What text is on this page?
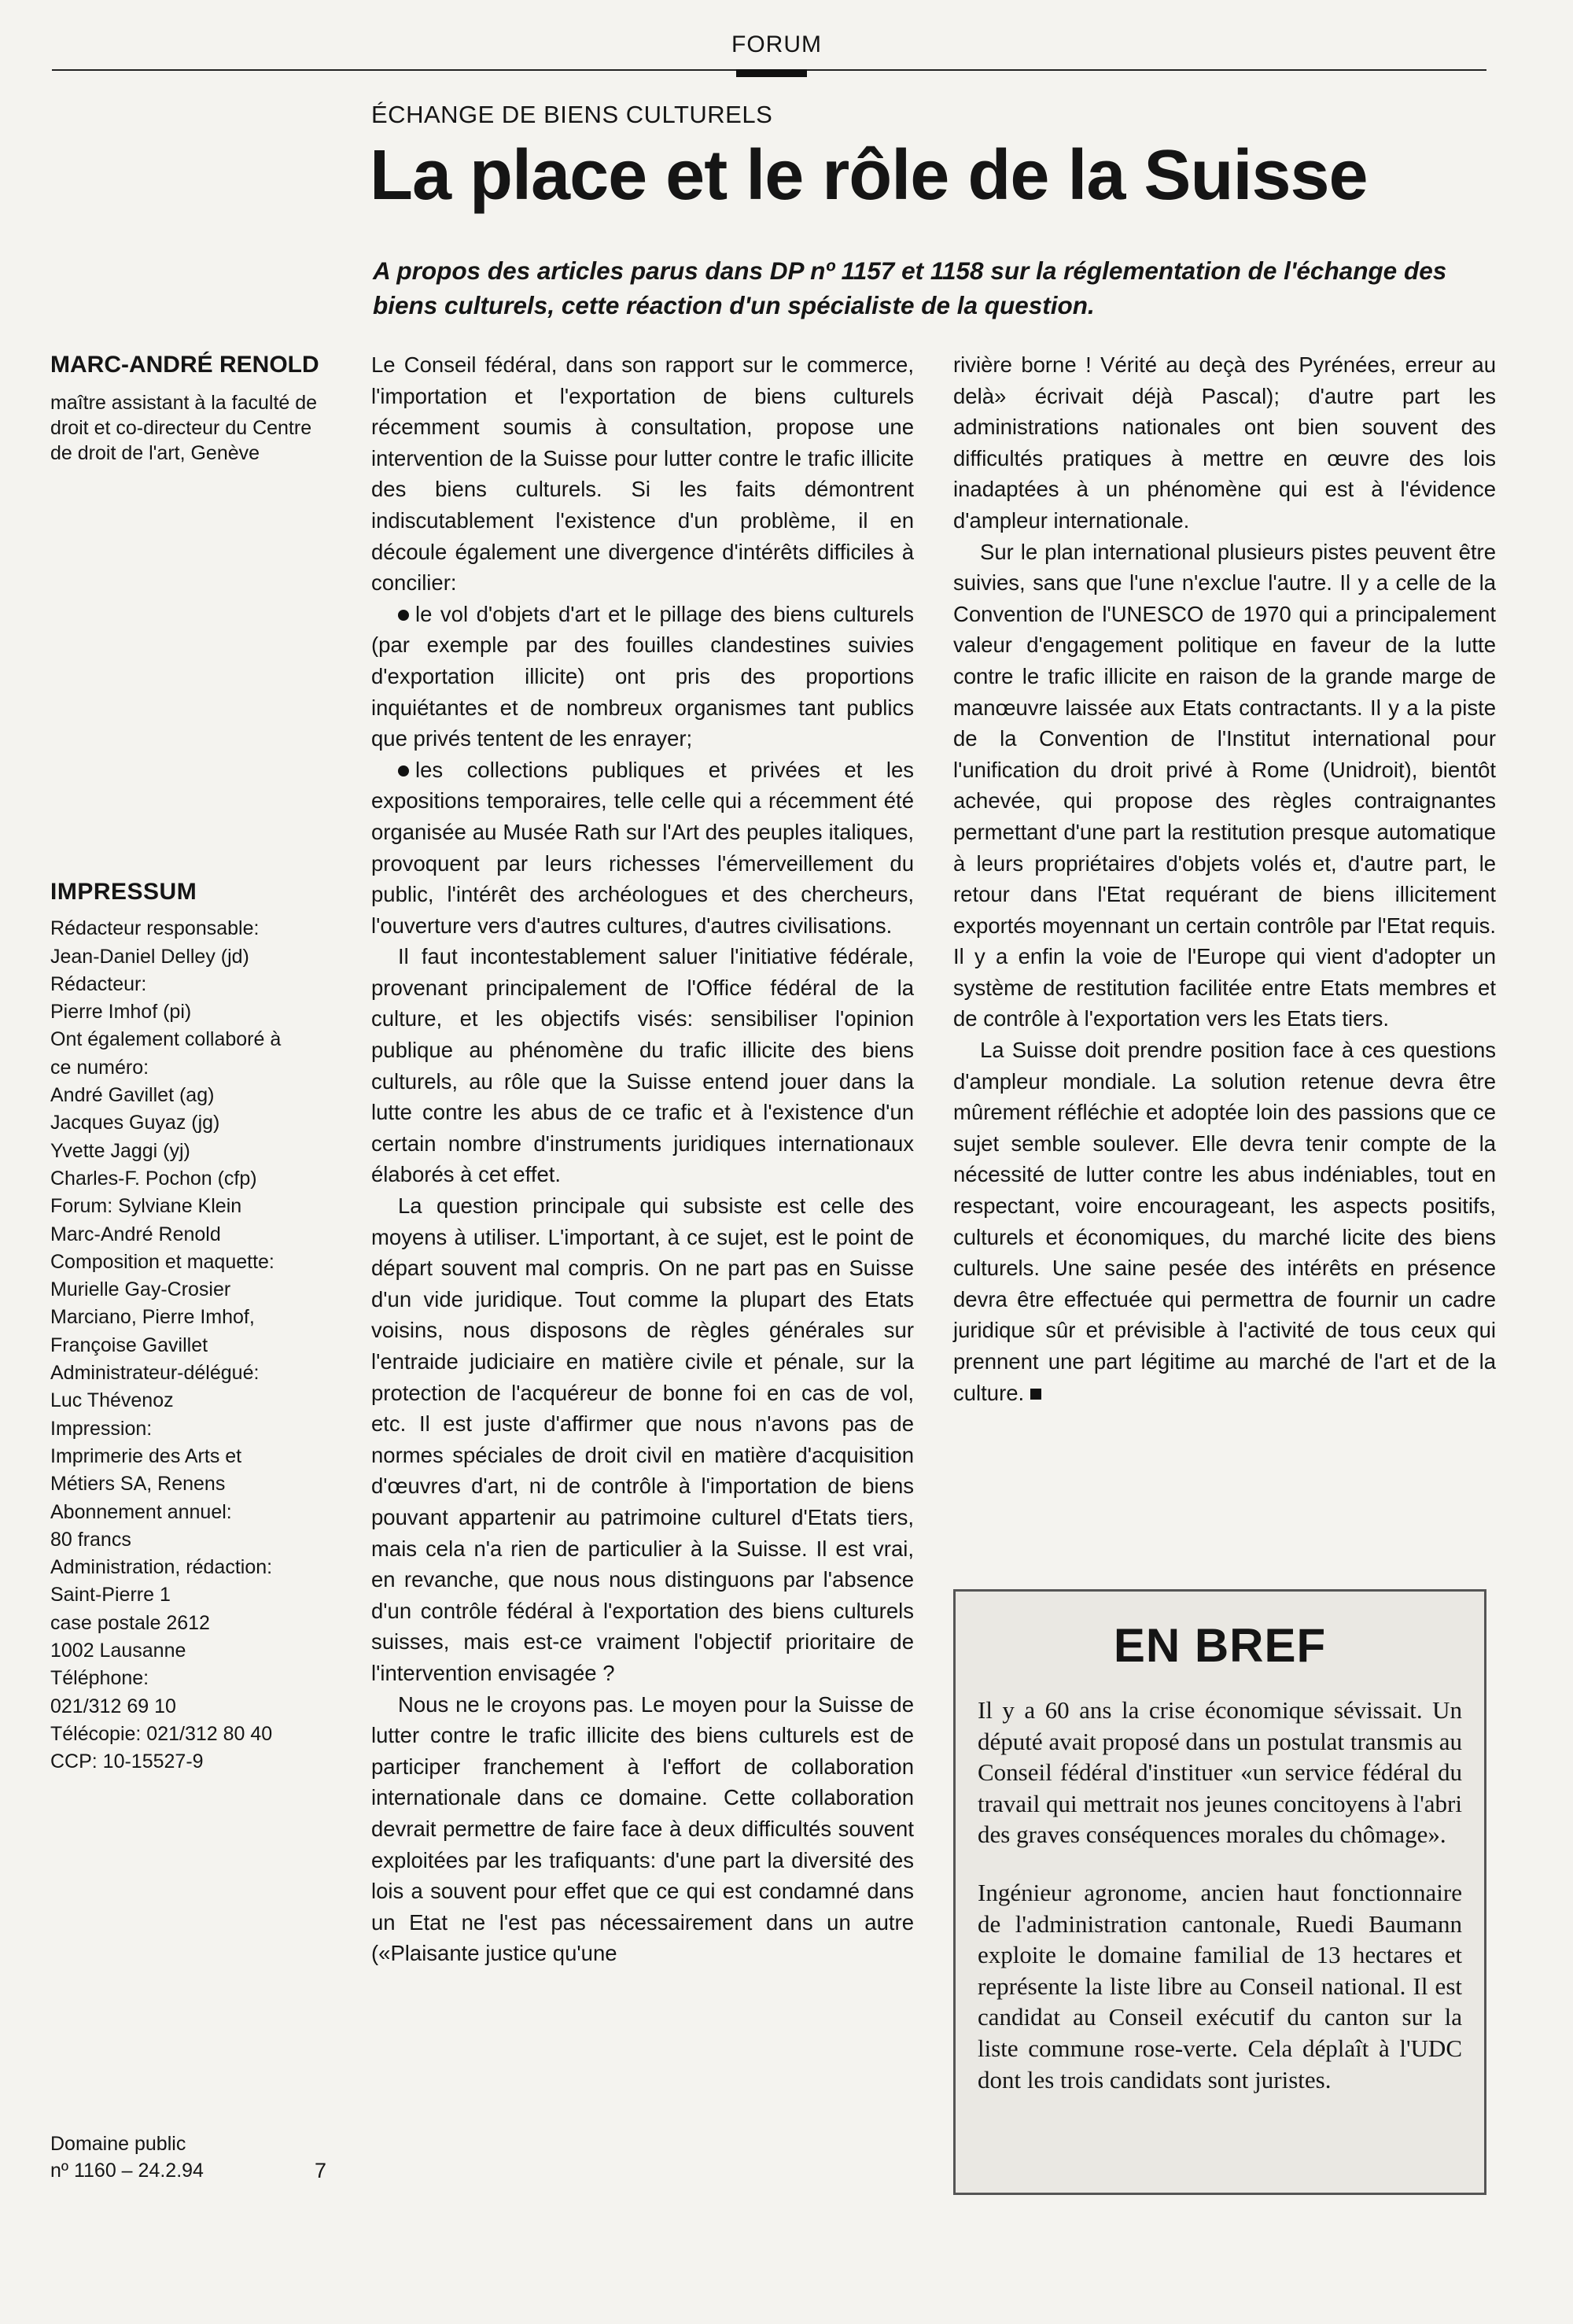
FORUM
ÉCHANGE DE BIENS CULTURELS
La place et le rôle de la Suisse
A propos des articles parus dans DP nº 1157 et 1158 sur la réglementation de l'échange des biens culturels, cette réaction d'un spécialiste de la question.
MARC-ANDRÉ RENOLD
maître assistant à la faculté de droit et co-directeur du Centre de droit de l'art, Genève
IMPRESSUM
Rédacteur responsable:
Jean-Daniel Delley (jd)
Rédacteur:
Pierre Imhof (pi)
Ont également collaboré à
ce numéro:
André Gavillet (ag)
Jacques Guyaz (jg)
Yvette Jaggi (yj)
Charles-F. Pochon (cfp)
Forum: Sylviane Klein
Marc-André Renold
Composition et maquette:
Murielle Gay-Crosier
Marciano, Pierre Imhof,
Françoise Gavillet
Administrateur-délégué:
Luc Thévenoz
Impression:
Imprimerie des Arts et
Métiers SA, Renens
Abonnement annuel:
80 francs
Administration, rédaction:
Saint-Pierre 1
case postale 2612
1002 Lausanne
Téléphone:
021/312 69 10
Télécopie: 021/312 80 40
CCP: 10-15527-9
Domaine public
nº 1160 – 24.2.94	7

Le Conseil fédéral, dans son rapport sur le commerce, l'importation et l'exportation de biens culturels récemment soumis à consultation, propose une intervention de la Suisse pour lutter contre le trafic illicite des biens culturels. Si les faits démontrent indiscutablement l'existence d'un problème, il en découle également une divergence d'intérêts difficiles à concilier:

le vol d'objets d'art et le pillage des biens culturels (par exemple par des fouilles clandestines suivies d'exportation illicite) ont pris des proportions inquiétantes et de nombreux organismes tant publics que privés tentent de les enrayer;

les collections publiques et privées et les expositions temporaires, telle celle qui a récemment été organisée au Musée Rath sur l'Art des peuples italiques, provoquent par leurs richesses l'émerveillement du public, l'intérêt des archéologues et des chercheurs, l'ouverture vers d'autres cultures, d'autres civilisations.

Il faut incontestablement saluer l'initiative fédérale, provenant principalement de l'Office fédéral de la culture, et les objectifs visés: sensibiliser l'opinion publique au phénomène du trafic illicite des biens culturels, au rôle que la Suisse entend jouer dans la lutte contre les abus de ce trafic et à l'existence d'un certain nombre d'instruments juridiques internationaux élaborés à cet effet.

La question principale qui subsiste est celle des moyens à utiliser. L'important, à ce sujet, est le point de départ souvent mal compris. On ne part pas en Suisse d'un vide juridique. Tout comme la plupart des Etats voisins, nous disposons de règles générales sur l'entraide judiciaire en matière civile et pénale, sur la protection de l'acquéreur de bonne foi en cas de vol, etc. Il est juste d'affirmer que nous n'avons pas de normes spéciales de droit civil en matière d'acquisition d'œuvres d'art, ni de contrôle à l'importation de biens pouvant appartenir au patrimoine culturel d'Etats tiers, mais cela n'a rien de particulier à la Suisse. Il est vrai, en revanche, que nous nous distinguons par l'absence d'un contrôle fédéral à l'exportation des biens culturels suisses, mais est-ce vraiment l'objectif prioritaire de l'intervention envisagée ?

Nous ne le croyons pas. Le moyen pour la Suisse de lutter contre le trafic illicite des biens culturels est de participer franchement à l'effort de collaboration internationale dans ce domaine. Cette collaboration devrait permettre de faire face à deux difficultés souvent exploitées par les trafiquants: d'une part la diversité des lois a souvent pour effet que ce qui est condamné dans un Etat ne l'est pas nécessairement dans un autre («Plaisante justice qu'une

rivière borne ! Vérité au deçà des Pyrénées, erreur au delà» écrivait déjà Pascal); d'autre part les administrations nationales ont bien souvent des difficultés pratiques à mettre en œuvre des lois inadaptées à un phénomène qui est à l'évidence d'ampleur internationale.

Sur le plan international plusieurs pistes peuvent être suivies, sans que l'une n'exclue l'autre. Il y a celle de la Convention de l'UNESCO de 1970 qui a principalement valeur d'engagement politique en faveur de la lutte contre le trafic illicite en raison de la grande marge de manœuvre laissée aux Etats contractants. Il y a la piste de la Convention de l'Institut international pour l'unification du droit privé à Rome (Unidroit), bientôt achevée, qui propose des règles contraignantes permettant d'une part la restitution presque automatique à leurs propriétaires d'objets volés et, d'autre part, le retour dans l'Etat requérant de biens illicitement exportés moyennant un certain contrôle par l'Etat requis. Il y a enfin la voie de l'Europe qui vient d'adopter un système de restitution facilitée entre Etats membres et de contrôle à l'exportation vers les Etats tiers.

La Suisse doit prendre position face à ces questions d'ampleur mondiale. La solution retenue devra être mûrement réfléchie et adoptée loin des passions que ce sujet semble soulever. Elle devra tenir compte de la nécessité de lutter contre les abus indéniables, tout en respectant, voire encourageant, les aspects positifs, culturels et économiques, du marché licite des biens culturels. Une saine pesée des intérêts en présence devra être effectuée qui permettra de fournir un cadre juridique sûr et prévisible à l'activité de tous ceux qui prennent une part légitime au marché de l'art et de la culture.

EN BREF

Il y a 60 ans la crise économique sévissait. Un député avait proposé dans un postulat transmis au Conseil fédéral d'instituer «un service fédéral du travail qui mettrait nos jeunes concitoyens à l'abri des graves conséquences morales du chômage».

Ingénieur agronome, ancien haut fonctionnaire de l'administration cantonale, Ruedi Baumann exploite le domaine familial de 13 hectares et représente la liste libre au Conseil national. Il est candidat au Conseil exécutif du canton sur la liste commune rose-verte. Cela déplaît à l'UDC dont les trois candidats sont juristes.
